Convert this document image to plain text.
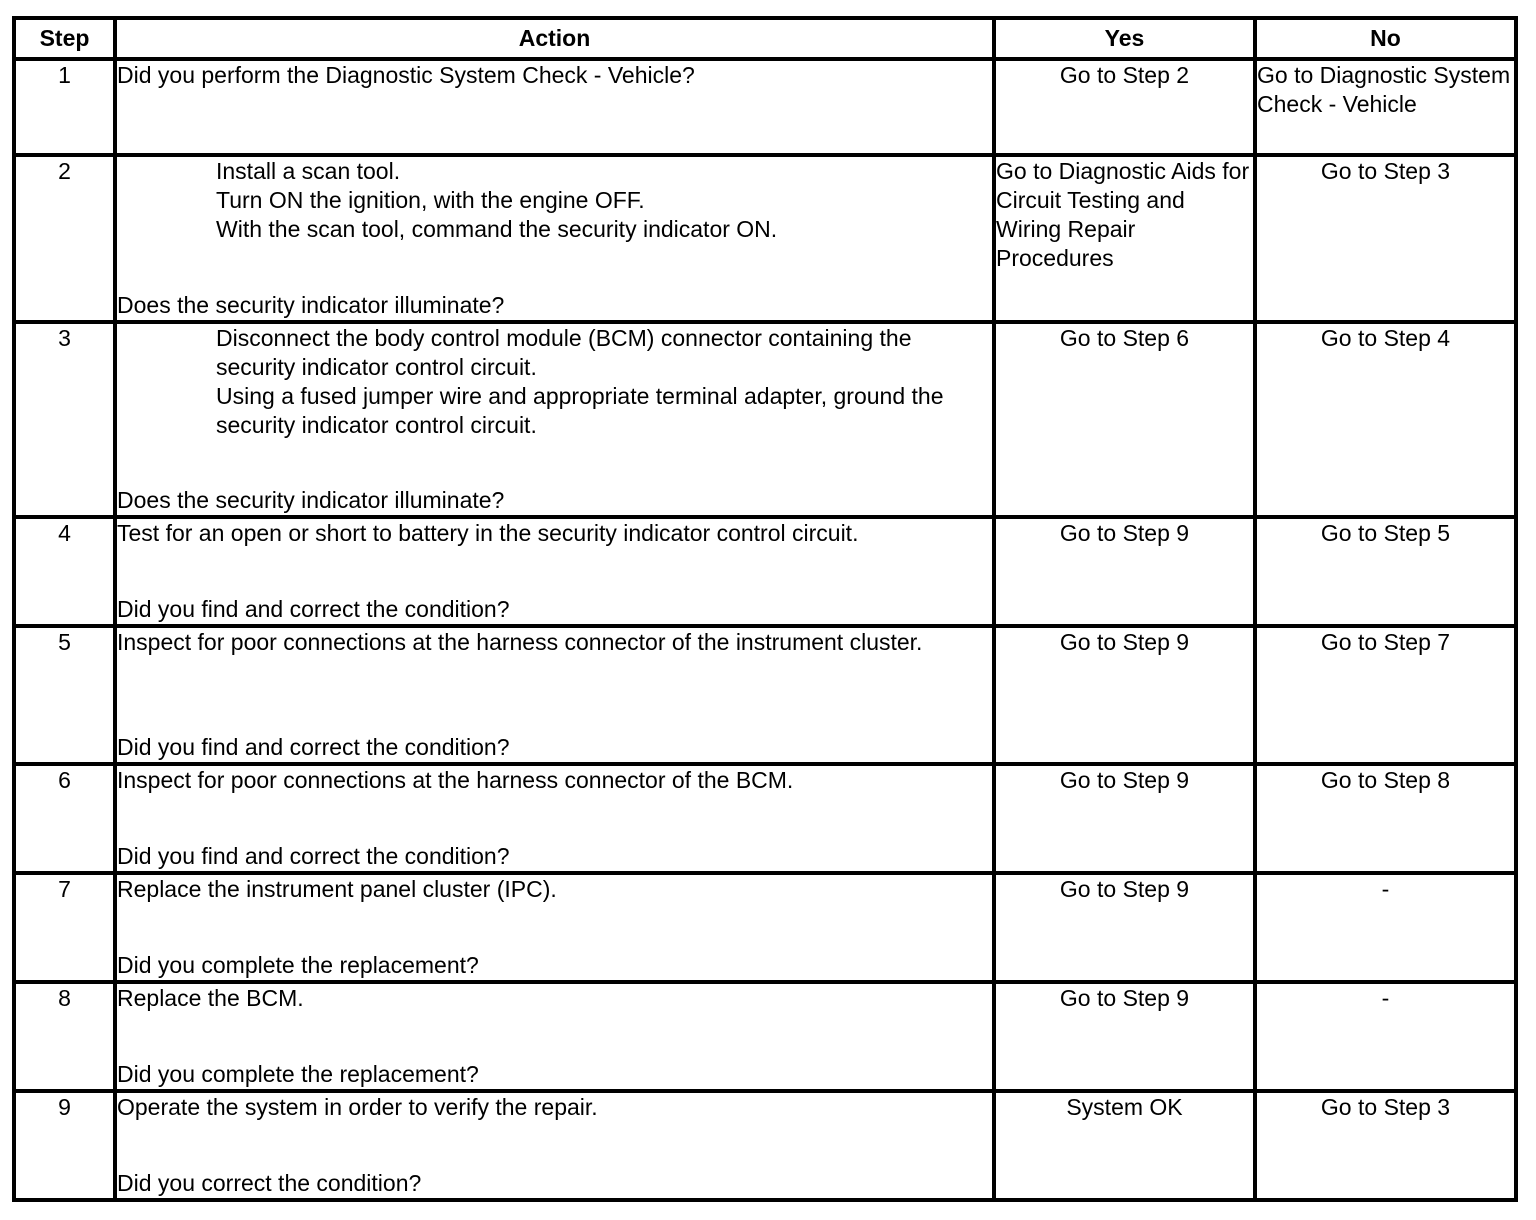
Step	Action	Yes	No
1	Did you perform the Diagnostic System Check - Vehicle?	Go to Step 2	Go to Diagnostic System Check - Vehicle
2	Install a scan tool.
Turn ON the ignition, with the engine OFF.
With the scan tool, command the security indicator ON.
Does the security indicator illuminate?	Go to Diagnostic Aids for Circuit Testing and Wiring Repair Procedures	Go to Step 3
3	Disconnect the body control module (BCM) connector containing the security indicator control circuit.
Using a fused jumper wire and appropriate terminal adapter, ground the security indicator control circuit.
Does the security indicator illuminate?	Go to Step 6	Go to Step 4
4	Test for an open or short to battery in the security indicator control circuit.
Did you find and correct the condition?	Go to Step 9	Go to Step 5
5	Inspect for poor connections at the harness connector of the instrument cluster.
Did you find and correct the condition?	Go to Step 9	Go to Step 7
6	Inspect for poor connections at the harness connector of the BCM.
Did you find and correct the condition?	Go to Step 9	Go to Step 8
7	Replace the instrument panel cluster (IPC).
Did you complete the replacement?	Go to Step 9	-
8	Replace the BCM.
Did you complete the replacement?	Go to Step 9	-
9	Operate the system in order to verify the repair.
Did you correct the condition?	System OK	Go to Step 3
